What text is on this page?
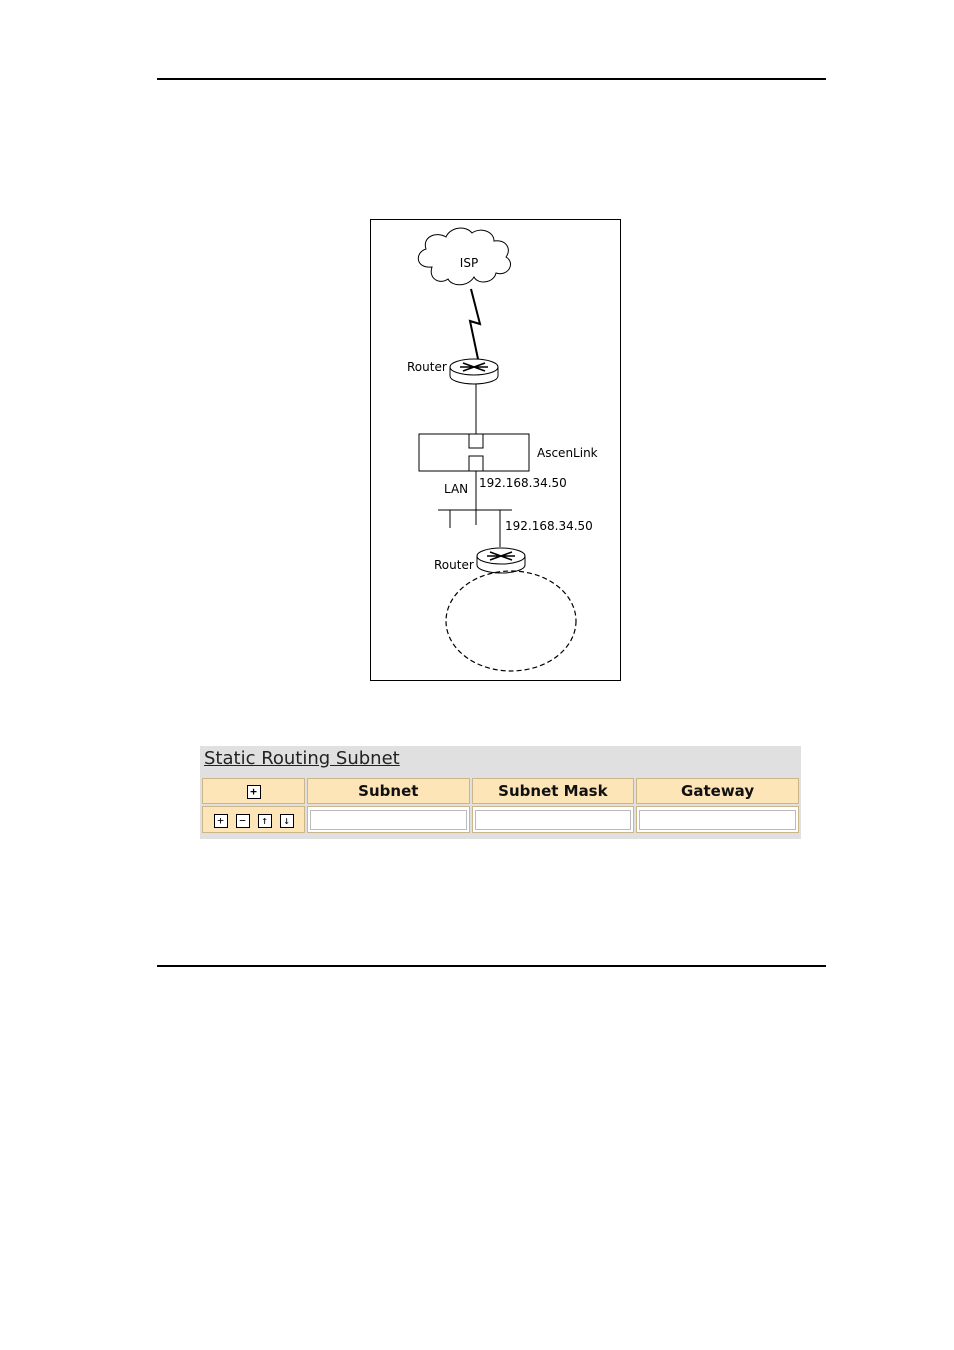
ISP
Router
AscenLink
LAN 192.168.34.50
192.168.34.50
Router
Static Routing Subnet
+	Subnet	Subnet Mask	Gateway
+ − ↑ ↓			
